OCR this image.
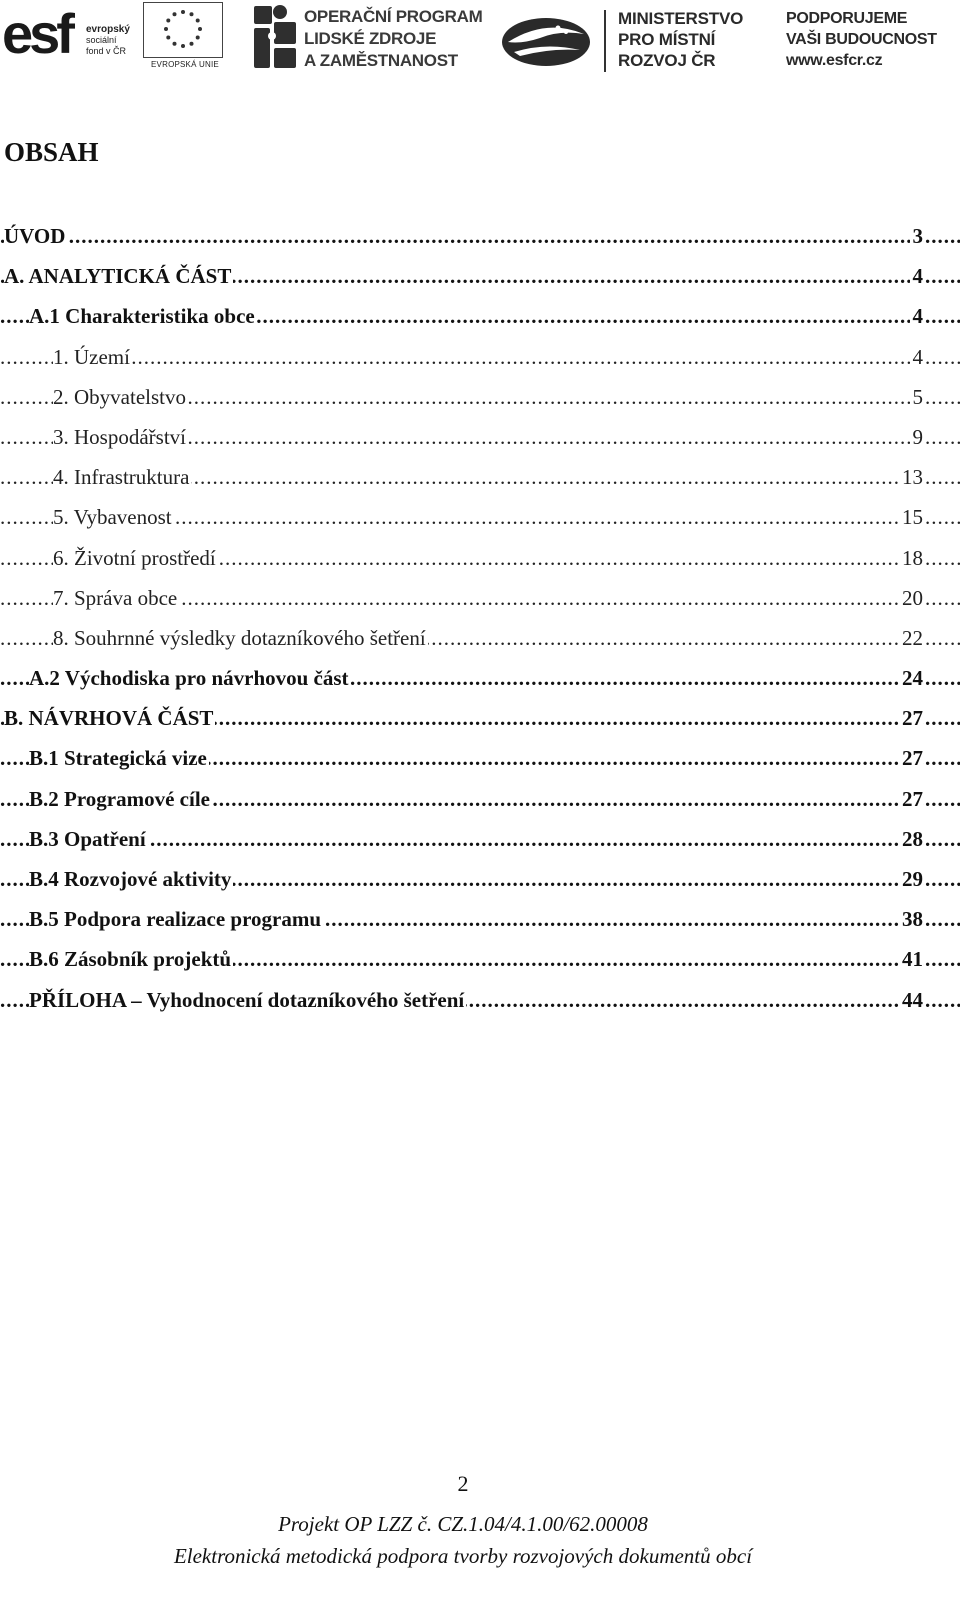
esf evropský
sociální
fond v ČR
EVROPSKÁ UNIE
OPERAČNÍ PROGRAM
LIDSKÉ ZDROJE
A ZAMĚSTNANOST
MINISTERSTVO
PRO MÍSTNÍ
ROZVOJ ČR
PODPORUJEME
VAŠI BUDOUCNOST
www.esfcr.cz
OBSAH
.....
ÚVOD	3
.....
A. ANALYTICKÁ ČÁST	4
.....
A.1 Charakteristika obce	4
.....
1. Území	4
.....
2. Obyvatelstvo	5
.....
3. Hospodářství	9
.....
4. Infrastruktura	13
.....
5. Vybavenost	15
.....
6. Životní prostředí	18
.....
7. Správa obce	20
.....
8. Souhrnné výsledky dotazníkového šetření	22
.....
A.2 Východiska pro návrhovou část	24
.....
B. NÁVRHOVÁ ČÁST	27
.....
B.1 Strategická vize	27
.....
B.2 Programové cíle	27
.....
B.3 Opatření	28
.....
B.4 Rozvojové aktivity	29
.....
B.5 Podpora realizace programu	38
.....
B.6 Zásobník projektů	41
.....
PŘÍLOHA – Vyhodnocení dotazníkového šetření	44
2
Projekt OP LZZ č. CZ.1.04/4.1.00/62.00008
Elektronická metodická podpora tvorby rozvojových dokumentů obcí
